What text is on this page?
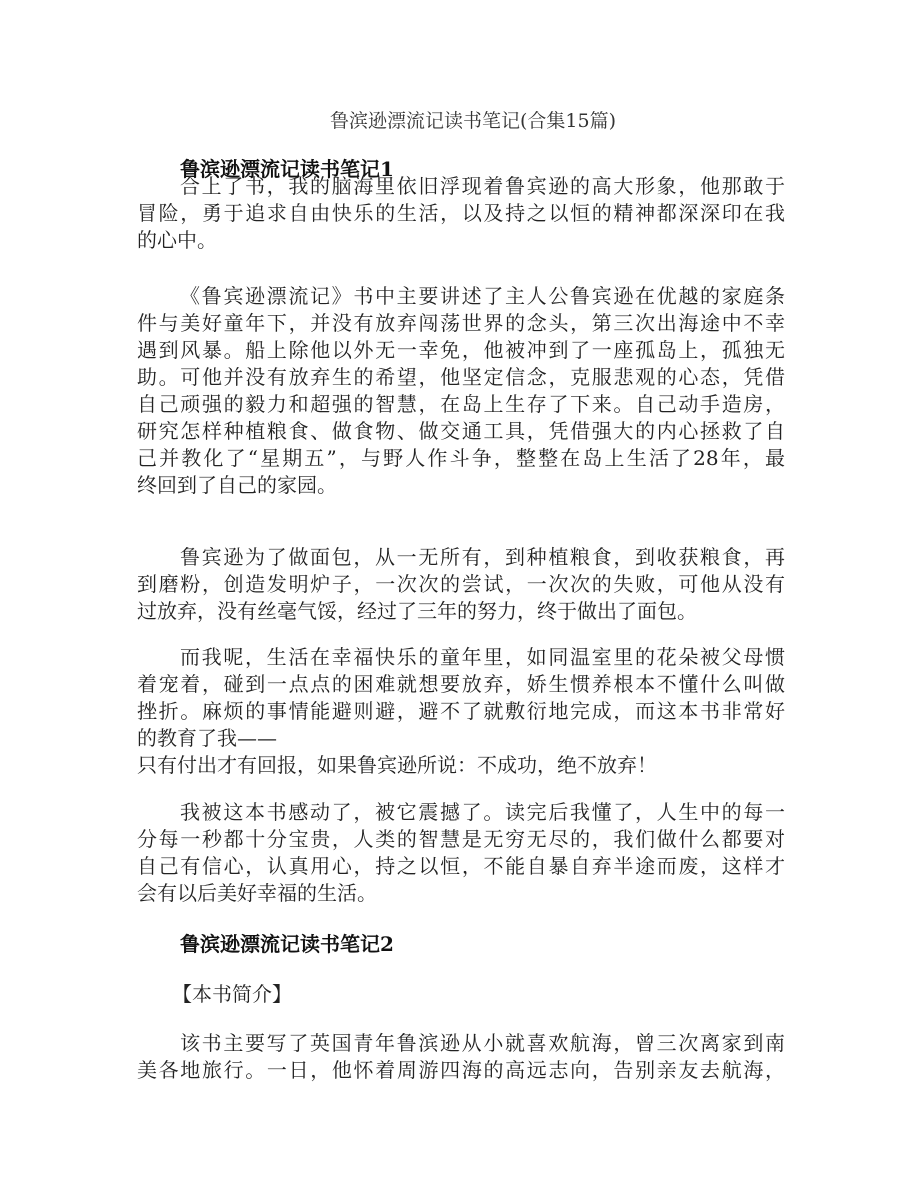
鲁滨逊漂流记读书笔记(合集15篇)
鲁滨逊漂流记读书笔记1
合上了书，我的脑海里依旧浮现着鲁宾逊的高大形象，他那敢于
冒险，勇于追求自由快乐的生活，以及持之以恒的精神都深深印在我
的心中。
《鲁宾逊漂流记》书中主要讲述了主人公鲁宾逊在优越的家庭条
件与美好童年下，并没有放弃闯荡世界的念头，第三次出海途中不幸
遇到风暴。船上除他以外无一幸免，他被冲到了一座孤岛上，孤独无
助。可他并没有放弃生的希望，他坚定信念，克服悲观的心态，凭借
自己顽强的毅力和超强的智慧，在岛上生存了下来。自己动手造房，
研究怎样种植粮食、做食物、做交通工具，凭借强大的内心拯救了自
己并教化了“星期五”，与野人作斗争，整整在岛上生活了28年，最
终回到了自己的家园。
鲁宾逊为了做面包，从一无所有，到种植粮食，到收获粮食，再
到磨粉，创造发明炉子，一次次的尝试，一次次的失败，可他从没有
过放弃，没有丝毫气馁，经过了三年的努力，终于做出了面包。
而我呢，生活在幸福快乐的童年里，如同温室里的花朵被父母惯
着宠着，碰到一点点的困难就想要放弃，娇生惯养根本不懂什么叫做
挫折。麻烦的事情能避则避，避不了就敷衍地完成，而这本书非常好
的教育了我——
只有付出才有回报，如果鲁宾逊所说：不成功，绝不放弃！
我被这本书感动了，被它震撼了。读完后我懂了，人生中的每一
分每一秒都十分宝贵，人类的智慧是无穷无尽的，我们做什么都要对
自己有信心，认真用心，持之以恒，不能自暴自弃半途而废，这样才
会有以后美好幸福的生活。
鲁滨逊漂流记读书笔记2
【本书简介】
该书主要写了英国青年鲁滨逊从小就喜欢航海，曾三次离家到南
美各地旅行。一日，他怀着周游四海的高远志向，告别亲友去航海，
